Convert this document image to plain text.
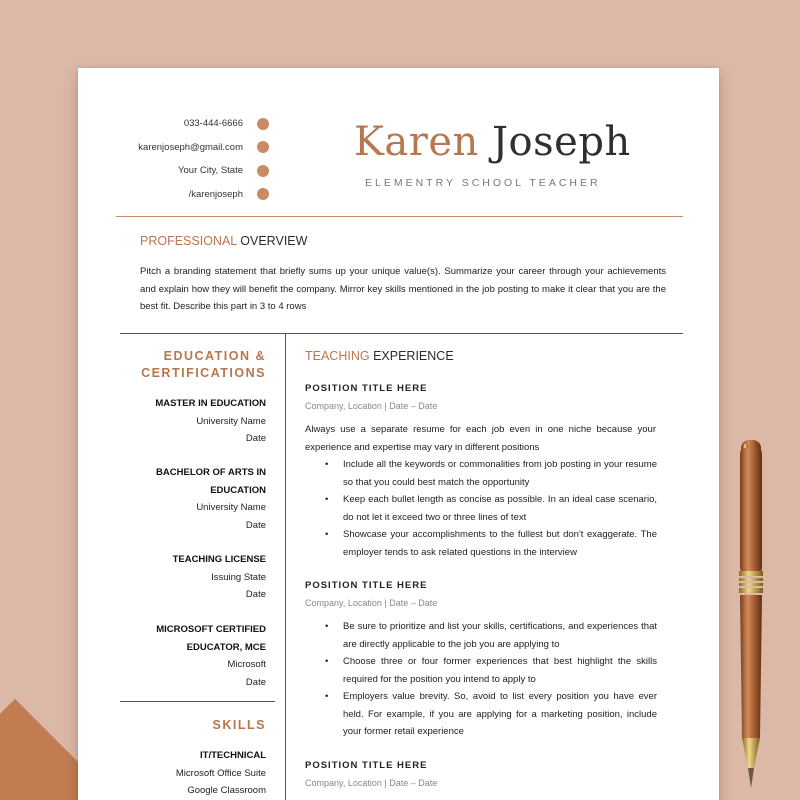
033-444-6666
karenjoseph@gmail.com
Your City, State
/karenjoseph
Karen Joseph
ELEMENTRY SCHOOL TEACHER
PROFESSIONAL OVERVIEW
Pitch a branding statement that briefly sums up your unique value(s). Summarize your career through your achievements and explain how they will benefit the company. Mirror key skills mentioned in the job posting to make it clear that you are the best fit. Describe this part in 3 to 4 rows
EDUCATION &
CERTIFICATIONS
MASTER IN EDUCATION
University Name
Date
BACHELOR OF ARTS IN EDUCATION
University Name
Date
TEACHING LICENSE
Issuing State
Date
MICROSOFT CERTIFIED EDUCATOR, MCE
Microsoft
Date
SKILLS
IT/TECHNICAL
Microsoft Office Suite
Google Classroom
TEACHING EXPERIENCE
POSITION TITLE HERE
Company, Location | Date – Date
Always use a separate resume for each job even in one niche because your experience and expertise may vary in different positions
• Include all the keywords or commonalities from job posting in your resume so that you could best match the opportunity
• Keep each bullet length as concise as possible. In an ideal case scenario, do not let it exceed two or three lines of text
• Showcase your accomplishments to the fullest but don't exaggerate. The employer tends to ask related questions in the interview
POSITION TITLE HERE
Company, Location | Date – Date
• Be sure to prioritize and list your skills, certifications, and experiences that are directly applicable to the job you are applying to
• Choose three or four former experiences that best highlight the skills required for the position you intend to apply to
• Employers value brevity. So, avoid to list every position you have ever held. For example, if you are applying for a marketing position, include your former retail experience
POSITION TITLE HERE
Company, Location | Date – Date
